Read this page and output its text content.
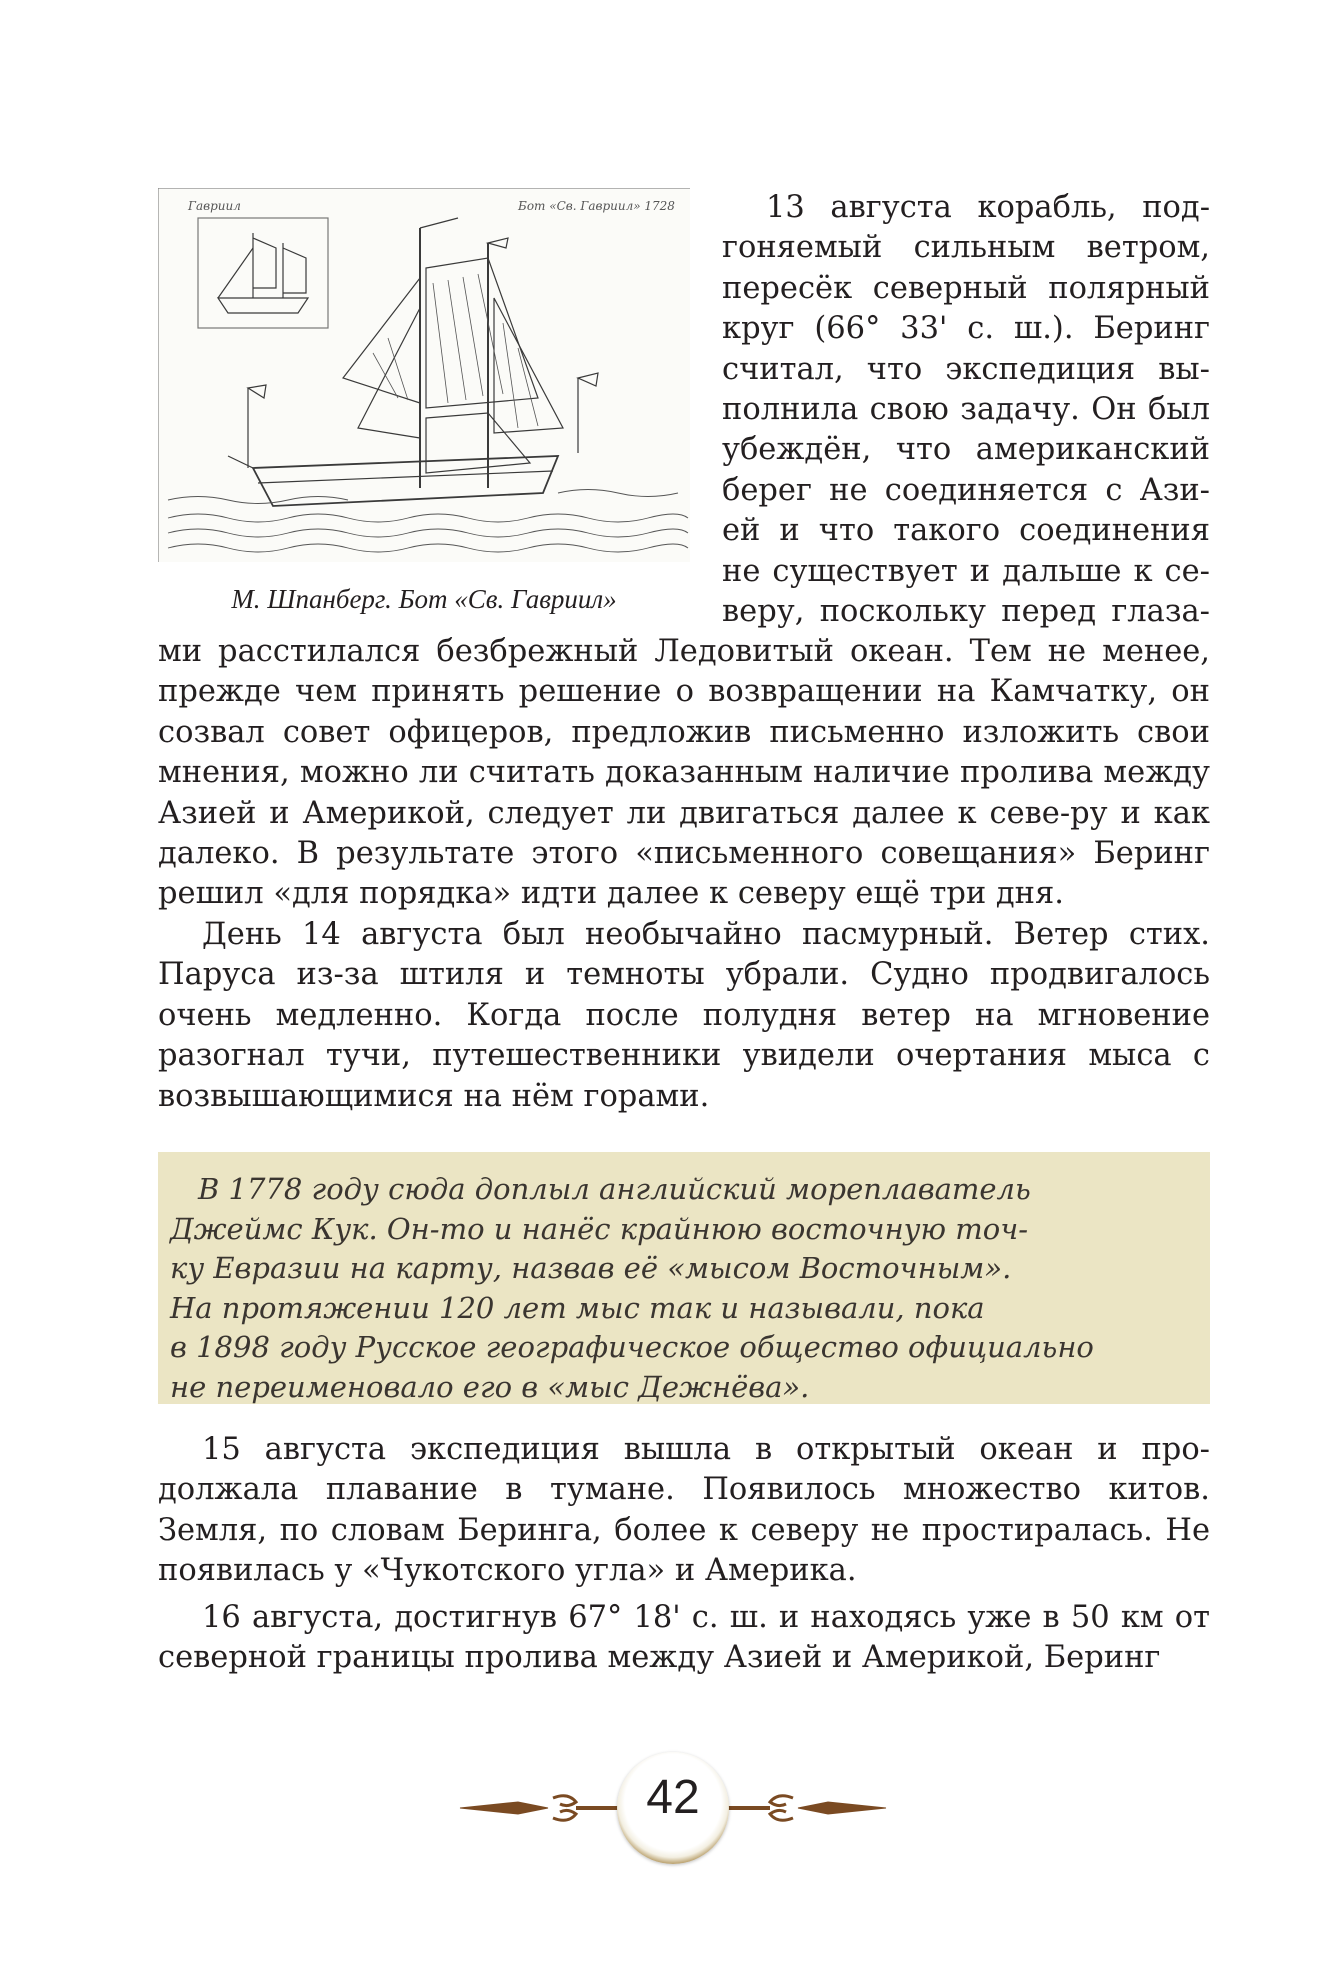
Гавриил	Бот «Св. Гавриил» 1728
М. Шпанберг. Бот «Св. Гавриил»

13 августа корабль, под-
гоняемый сильным ветром,
пересёк северный полярный
круг (66° 33' с. ш.). Беринг
считал, что экспедиция вы-
полнила свою задачу. Он был
убеждён, что американский
берег не соединяется с Ази-
ей и что такого соединения
не существует и дальше к се-
веру, поскольку перед глаза-

ми расстилался безбрежный Ледовитый океан. Тем не менее, прежде чем принять решение о возвращении на Камчатку, он созвал совет офицеров, предложив письменно изложить свои мнения, можно ли считать доказанным наличие пролива между Азией и Америкой, следует ли двигаться далее к севе-ру и как далеко. В результате этого «письменного совещания» Беринг решил «для порядка» идти далее к северу ещё три дня.

День 14 августа был необычайно пасмурный. Ветер стих. Паруса из-за штиля и темноты убрали. Судно продвигалось очень медленно. Когда после полудня ветер на мгновение разогнал тучи, путешественники увидели очертания мыса с возвышающимися на нём горами.

В 1778 году сюда доплыл английский мореплаватель
Джеймс Кук. Он-то и нанёс крайнюю восточную точ-
ку Евразии на карту, назвав её «мысом Восточным».
На протяжении 120 лет мыс так и называли, пока
в 1898 году Русское географическое общество официально
не переименовало его в «мыс Дежнёва».

15 августа экспедиция вышла в открытый океан и про-должала плавание в тумане. Появилось множество китов. Земля, по словам Беринга, более к северу не простиралась. Не появилась у «Чукотского угла» и Америка.

16 августа, достигнув 67° 18' с. ш. и находясь уже в 50 км от северной границы пролива между Азией и Америкой, Беринг

42
